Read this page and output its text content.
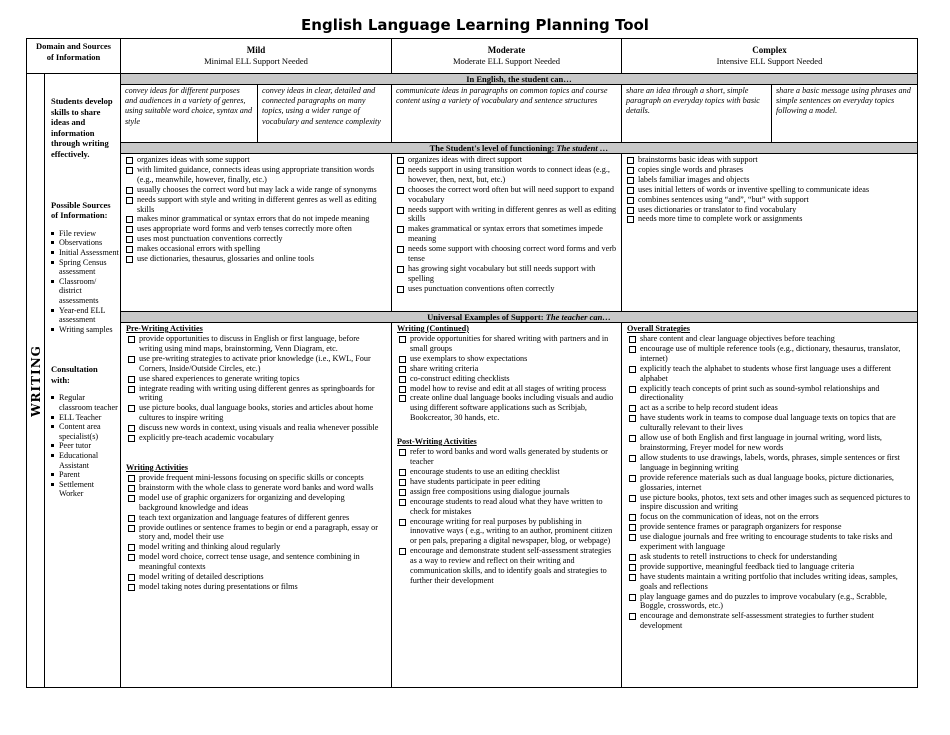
English Language Learning Planning Tool
Domain and Sources of Information
Mild
Minimal ELL Support Needed
Moderate
Moderate ELL Support Needed
Complex
Intensive ELL Support Needed
WRITING
Students develop skills to share ideas and information through writing effectively.
Possible Sources of Information:
File review
Observations
Initial Assessment
Spring Census assessment
Classroom/ district assessments
Year-end ELL assessment
Writing samples
Consultation with:
Regular classroom teacher
ELL Teacher
Content area specialist(s)
Peer tutor
Educational Assistant
Parent
Settlement Worker
In English, the student can…
convey ideas for different purposes and audiences in a variety of genres, using suitable word choice, syntax and style
convey ideas in clear, detailed and connected paragraphs on many topics, using a wider range of vocabulary and sentence complexity
communicate ideas in paragraphs on common topics and course content using a variety of vocabulary and sentence structures
share an idea through a short, simple paragraph on everyday topics with basic details.
share a basic message using phrases and simple sentences on everyday topics following a model.
The Student's level of functioning: The student …
organizes ideas with some support
with limited guidance, connects ideas using appropriate transition words (e.g., meanwhile, however, finally, etc.)
usually chooses the correct word but may lack a wide range of synonyms
needs support with style and writing in different genres as well as editing skills
makes minor grammatical or syntax errors that do not impede meaning
uses appropriate word forms and verb tenses correctly more often
uses most punctuation conventions correctly
makes occasional errors with spelling
use dictionaries, thesaurus, glossaries and online tools
organizes ideas with direct support
needs support in using transition words to connect ideas (e.g., however, then, next, but, etc.)
chooses the correct word often but will need support to expand vocabulary
needs support with writing in different genres as well as editing skills
makes grammatical or syntax errors that sometimes impede meaning
needs some support with choosing correct word forms and verb tense
has growing sight vocabulary but still needs support with spelling
uses punctuation conventions often correctly
brainstorms basic ideas with support
copies single words and phrases
labels familiar images and objects
uses initial letters of words or inventive spelling to communicate ideas
combines sentences using “and”, “but” with support
uses dictionaries or translator to find vocabulary
needs more time to complete work or assignments
Universal Examples of Support: The teacher can…
Pre-Writing Activities
provide opportunities to discuss in English or first language, before writing using mind maps, brainstorming, Venn Diagram, etc.
use pre-writing strategies to activate prior knowledge (i.e., KWL, Four Corners, Inside/Outside Circles, etc.)
use shared experiences to generate writing topics
integrate reading with writing using different genres as springboards for writing
use picture books, dual language books, stories and articles about home cultures to inspire writing
discuss new words in context, using visuals and realia whenever possible
explicitly pre-teach academic vocabulary
Writing Activities
provide frequent mini-lessons focusing on specific skills or concepts
brainstorm with the whole class to generate word banks and word walls
model use of graphic organizers for organizing and developing background knowledge and ideas
teach text organization and language features of different genres
provide outlines or sentence frames to begin or end a paragraph, essay or story and, model their use
model writing and thinking aloud regularly
model word choice, correct tense usage, and sentence combining in meaningful contexts
model writing of detailed descriptions
model taking notes during presentations or films
Writing (Continued)
provide opportunities for shared writing with partners and in small groups
use exemplars to show expectations
share writing criteria
co-construct editing checklists
model how to revise and edit at all stages of writing process
create online dual language books including visuals and audio using different software applications such as Scribjab, Bookcreator, 30 hands, etc.
Post-Writing Activities
refer to word banks and word walls generated by students or teacher
encourage students to use an editing checklist
have students participate in peer editing
assign free compositions using dialogue journals
encourage students to read aloud what they have written to check for mistakes
encourage writing for real purposes by publishing in innovative ways ( e.g., writing to an author, prominent citizen or pen pals, preparing a digital newspaper, blog, or webpage)
encourage and demonstrate student self-assessment strategies as a way to review and reflect on their writing and communication skills, and to identify goals and strategies to further their development
Overall Strategies
share content and clear language objectives before teaching
encourage use of multiple reference tools (e.g., dictionary, thesaurus, translator, internet)
explicitly teach the alphabet to students whose first language uses a different alphabet
explicitly teach concepts of print such as sound-symbol relationships and directionality
act as a scribe to help record student ideas
have students work in teams to compose dual language texts on topics that are culturally relevant to their lives
allow use of both English and first language in journal writing, word lists, brainstorming, Freyer model for new words
allow students to use drawings, labels, words, phrases, simple sentences or first language in beginning writing
provide reference materials such as dual language books, picture dictionaries, glossaries, internet
use picture books, photos, text sets and other images such as sequenced pictures to inspire discussion and writing
focus on the communication of ideas, not on the errors
provide sentence frames or paragraph organizers for response
use dialogue journals and free writing to encourage students to take risks and experiment with language
ask students to retell instructions to check for understanding
provide supportive, meaningful feedback tied to language criteria
have students maintain a writing portfolio that includes writing ideas, samples, goals and reflections
play language games and do puzzles to improve vocabulary (e.g., Scrabble, Boggle, crosswords, etc.)
encourage and demonstrate self-assessment strategies to further student development
